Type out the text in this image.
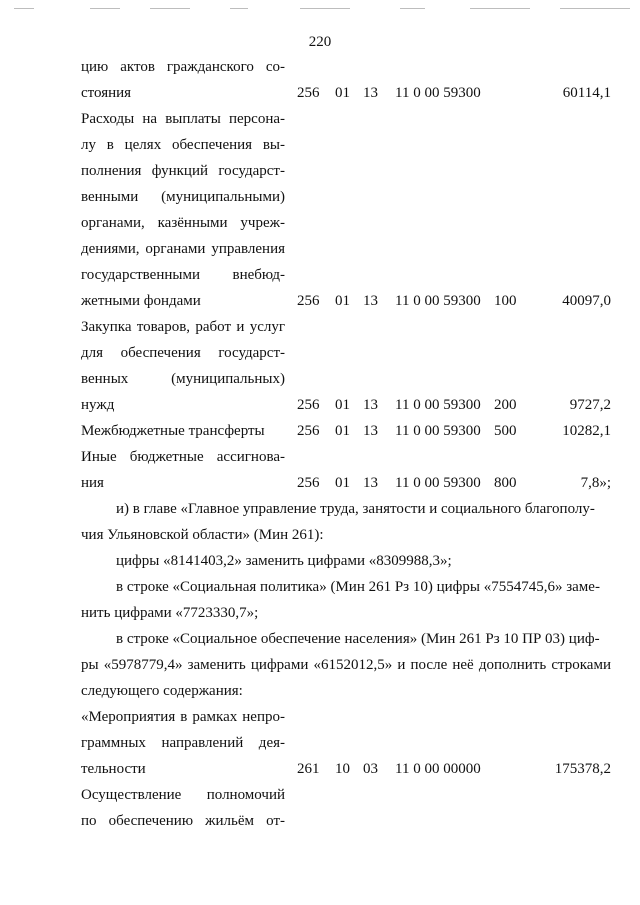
220
цию актов гражданского со-
стояния	256 01 13 11 0 00 59300	60114,1
Расходы на выплаты персона-
лу в целях обеспечения вы-
полнения функций государст-
венными (муниципальными)
органами, казёнными учреж-
дениями, органами управления
государственными внебюд-
жетными фондами	256 01 13 11 0 00 59300 100	40097,0
Закупка товаров, работ и услуг
для обеспечения государст-
венных (муниципальных)
нужд	256 01 13 11 0 00 59300 200	9727,2
Межбюджетные трансферты	256 01 13 11 0 00 59300 500	10282,1
Иные бюджетные ассигнова-
ния	256 01 13 11 0 00 59300 800	7,8»;
и) в главе «Главное управление труда, занятости и социального благополу-
чия Ульяновской области» (Мин 261):
цифры «8141403,2» заменить цифрами «8309988,3»;
в строке «Социальная политика» (Мин 261 Рз 10) цифры «7554745,6» заме-
нить цифрами «7723330,7»;
в строке «Социальное обеспечение населения» (Мин 261 Рз 10 ПР 03) циф-
ры «5978779,4» заменить цифрами «6152012,5» и после неё дополнить строками
следующего содержания:
«Мероприятия в рамках непро-
граммных направлений дея-
тельности	261 10 03 11 0 00 00000	175378,2
Осуществление полномочий
по обеспечению жильём от-
